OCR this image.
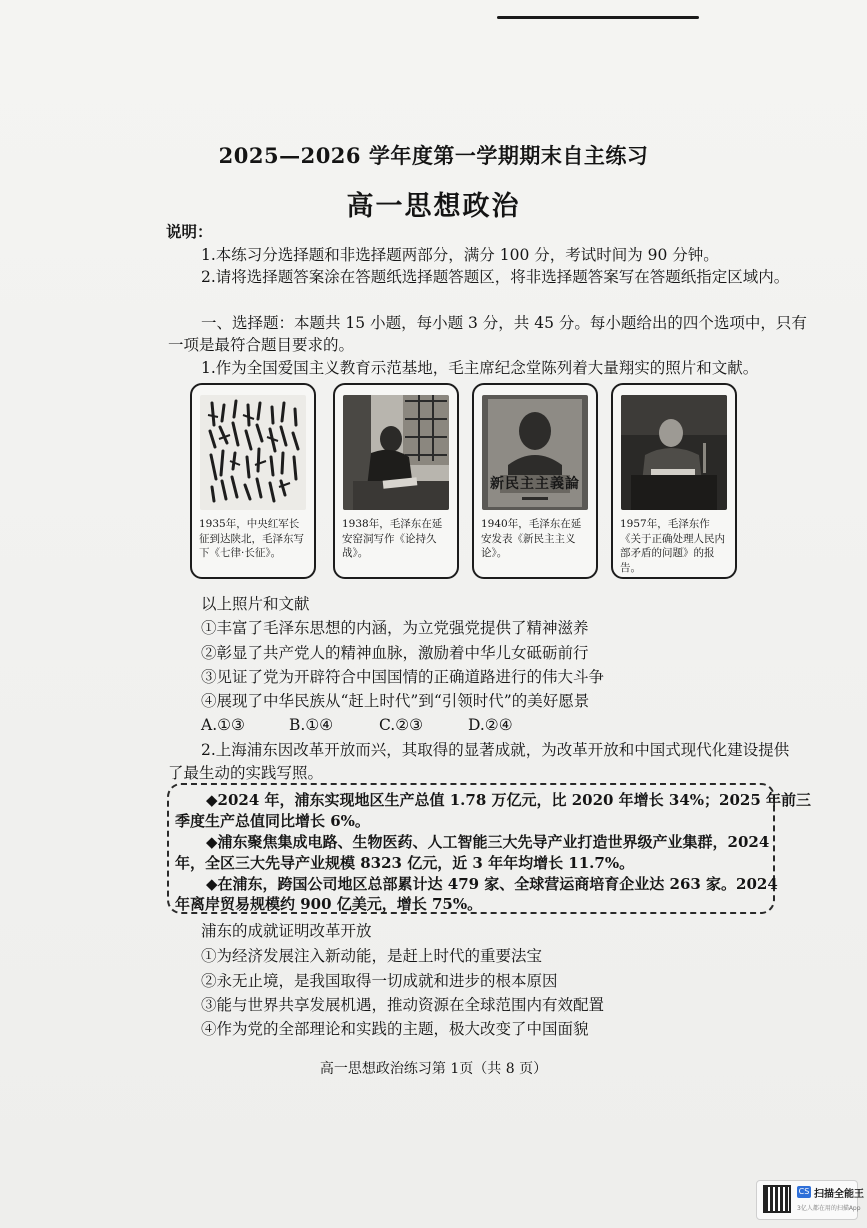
2025—2026 学年度第一学期期末自主练习
高一思想政治
说明：
1.本练习分选择题和非选择题两部分，满分 100 分，考试时间为 90 分钟。
2.请将选择题答案涂在答题纸选择题答题区，将非选择题答案写在答题纸指定区域内。
一、选择题：本题共 15 小题，每小题 3 分，共 45 分。每小题给出的四个选项中，只有
一项是最符合题目要求的。
1.作为全国爱国主义教育示范基地，毛主席纪念堂陈列着大量翔实的照片和文献。
1935年，中央红军长征到达陕北，毛泽东写下《七律·长征》。
1938年，毛泽东在延安窑洞写作《论持久战》。
新民主主義論
1940年，毛泽东在延安发表《新民主主义论》。
1957年，毛泽东作《关于正确处理人民内部矛盾的问题》的报告。
以上照片和文献
①丰富了毛泽东思想的内涵，为立党强党提供了精神滋养
②彰显了共产党人的精神血脉，激励着中华儿女砥砺前行
③见证了党为开辟符合中国国情的正确道路进行的伟大斗争
④展现了中华民族从“赶上时代”到“引领时代”的美好愿景
A.①③	B.①④	C.②③	D.②④
2.上海浦东因改革开放而兴，其取得的显著成就，为改革开放和中国式现代化建设提供
了最生动的实践写照。
◆2024 年，浦东实现地区生产总值 1.78 万亿元，比 2020 年增长 34%；2025 年前三
季度生产总值同比增长 6%。
◆浦东聚焦集成电路、生物医药、人工智能三大先导产业打造世界级产业集群，2024
年，全区三大先导产业规模 8323 亿元，近 3 年年均增长 11.7%。
◆在浦东，跨国公司地区总部累计达 479 家、全球营运商培育企业达 263 家。2024
年离岸贸易规模约 900 亿美元，增长 75%。
浦东的成就证明改革开放
①为经济发展注入新动能，是赶上时代的重要法宝
②永无止境，是我国取得一切成就和进步的根本原因
③能与世界共享发展机遇，推动资源在全球范围内有效配置
④作为党的全部理论和实践的主题，极大改变了中国面貌
高一思想政治练习第 1页（共 8 页）
CS 扫描全能王
3亿人都在用的扫描App
